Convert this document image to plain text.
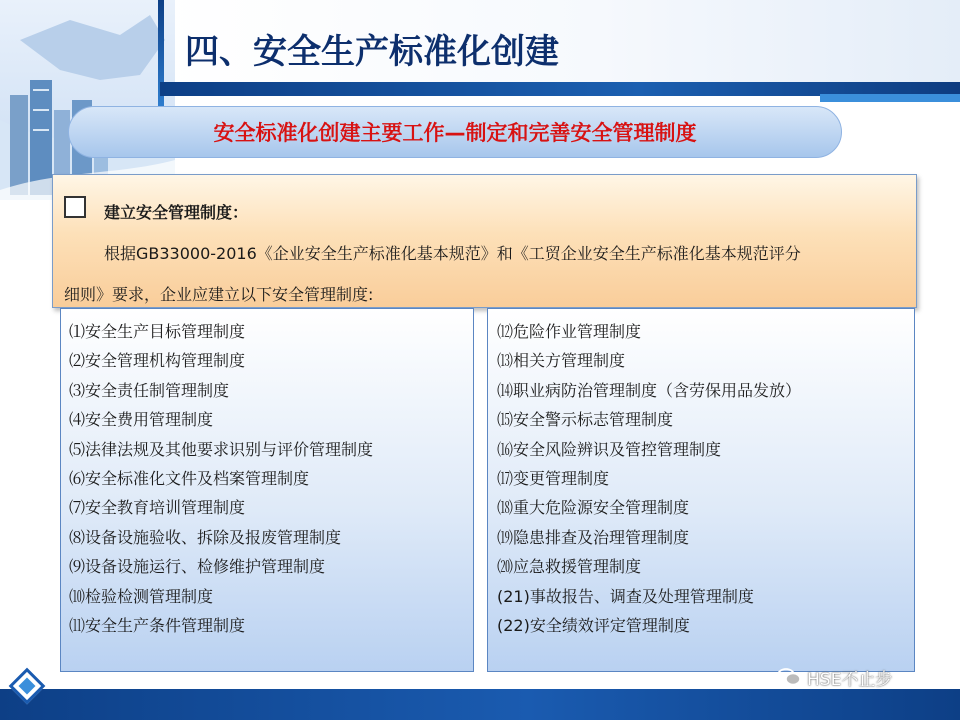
四、安全生产标准化创建
安全标准化创建主要工作—制定和完善安全管理制度
建立安全管理制度：
根据GB33000-2016《企业安全生产标准化基本规范》和《工贸企业安全生产标准化基本规范评分
细则》要求，企业应建立以下安全管理制度:
⑴安全生产目标管理制度
⑵安全管理机构管理制度
⑶安全责任制管理制度
⑷安全费用管理制度
⑸法律法规及其他要求识别与评价管理制度
⑹安全标准化文件及档案管理制度
⑺安全教育培训管理制度
⑻设备设施验收、拆除及报废管理制度
⑼设备设施运行、检修维护管理制度
⑽检验检测管理制度
⑾安全生产条件管理制度
⑿危险作业管理制度
⒀相关方管理制度
⒁职业病防治管理制度（含劳保用品发放）
⒂安全警示标志管理制度
⒃安全风险辨识及管控管理制度
⒄变更管理制度
⒅重大危险源安全管理制度
⒆隐患排查及治理管理制度
⒇应急救援管理制度
(21)事故报告、调查及处理管理制度
(22)安全绩效评定管理制度
HSE不止步
